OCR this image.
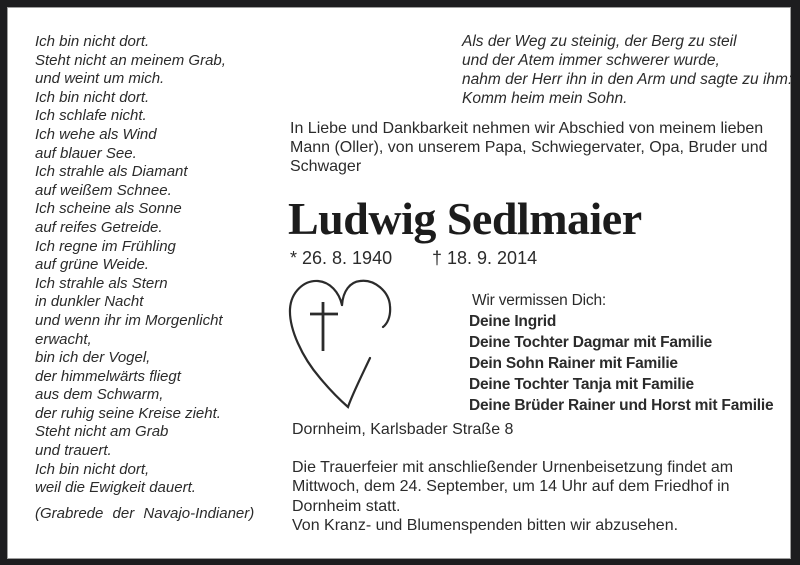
Ich bin nicht dort.
Steht nicht an meinem Grab,
und weint um mich.
Ich bin nicht dort.
Ich schlafe nicht.
Ich wehe als Wind
auf blauer See.
Ich strahle als Diamant
auf weißem Schnee.
Ich scheine als Sonne
auf reifes Getreide.
Ich regne im Frühling
auf grüne Weide.
Ich strahle als Stern
in dunkler Nacht
und wenn ihr im Morgenlicht
erwacht,
bin ich der Vogel,
der himmelwärts fliegt
aus dem Schwarm,
der ruhig seine Kreise zieht.
Steht nicht am Grab
und trauert.
Ich bin nicht dort,
weil die Ewigkeit dauert.
(Grabrede der Navajo-Indianer)
Als der Weg zu steinig, der Berg zu steil
und der Atem immer schwerer wurde,
nahm der Herr ihn in den Arm und sagte zu ihm:
Komm heim mein Sohn.
In Liebe und Dankbarkeit nehmen wir Abschied von meinem lieben
Mann (Oller), von unserem Papa, Schwiegervater, Opa, Bruder und
Schwager
Ludwig Sedlmaier
* 26. 8. 1940 † 18. 9. 2014
Wir vermissen Dich:
Deine Ingrid
Deine Tochter Dagmar mit Familie
Dein Sohn Rainer mit Familie
Deine Tochter Tanja mit Familie
Deine Brüder Rainer und Horst mit Familie
Dornheim, Karlsbader Straße 8
Die Trauerfeier mit anschließender Urnenbeisetzung findet am
Mittwoch, dem 24. September, um 14 Uhr auf dem Friedhof in
Dornheim statt.
Von Kranz- und Blumenspenden bitten wir abzusehen.
